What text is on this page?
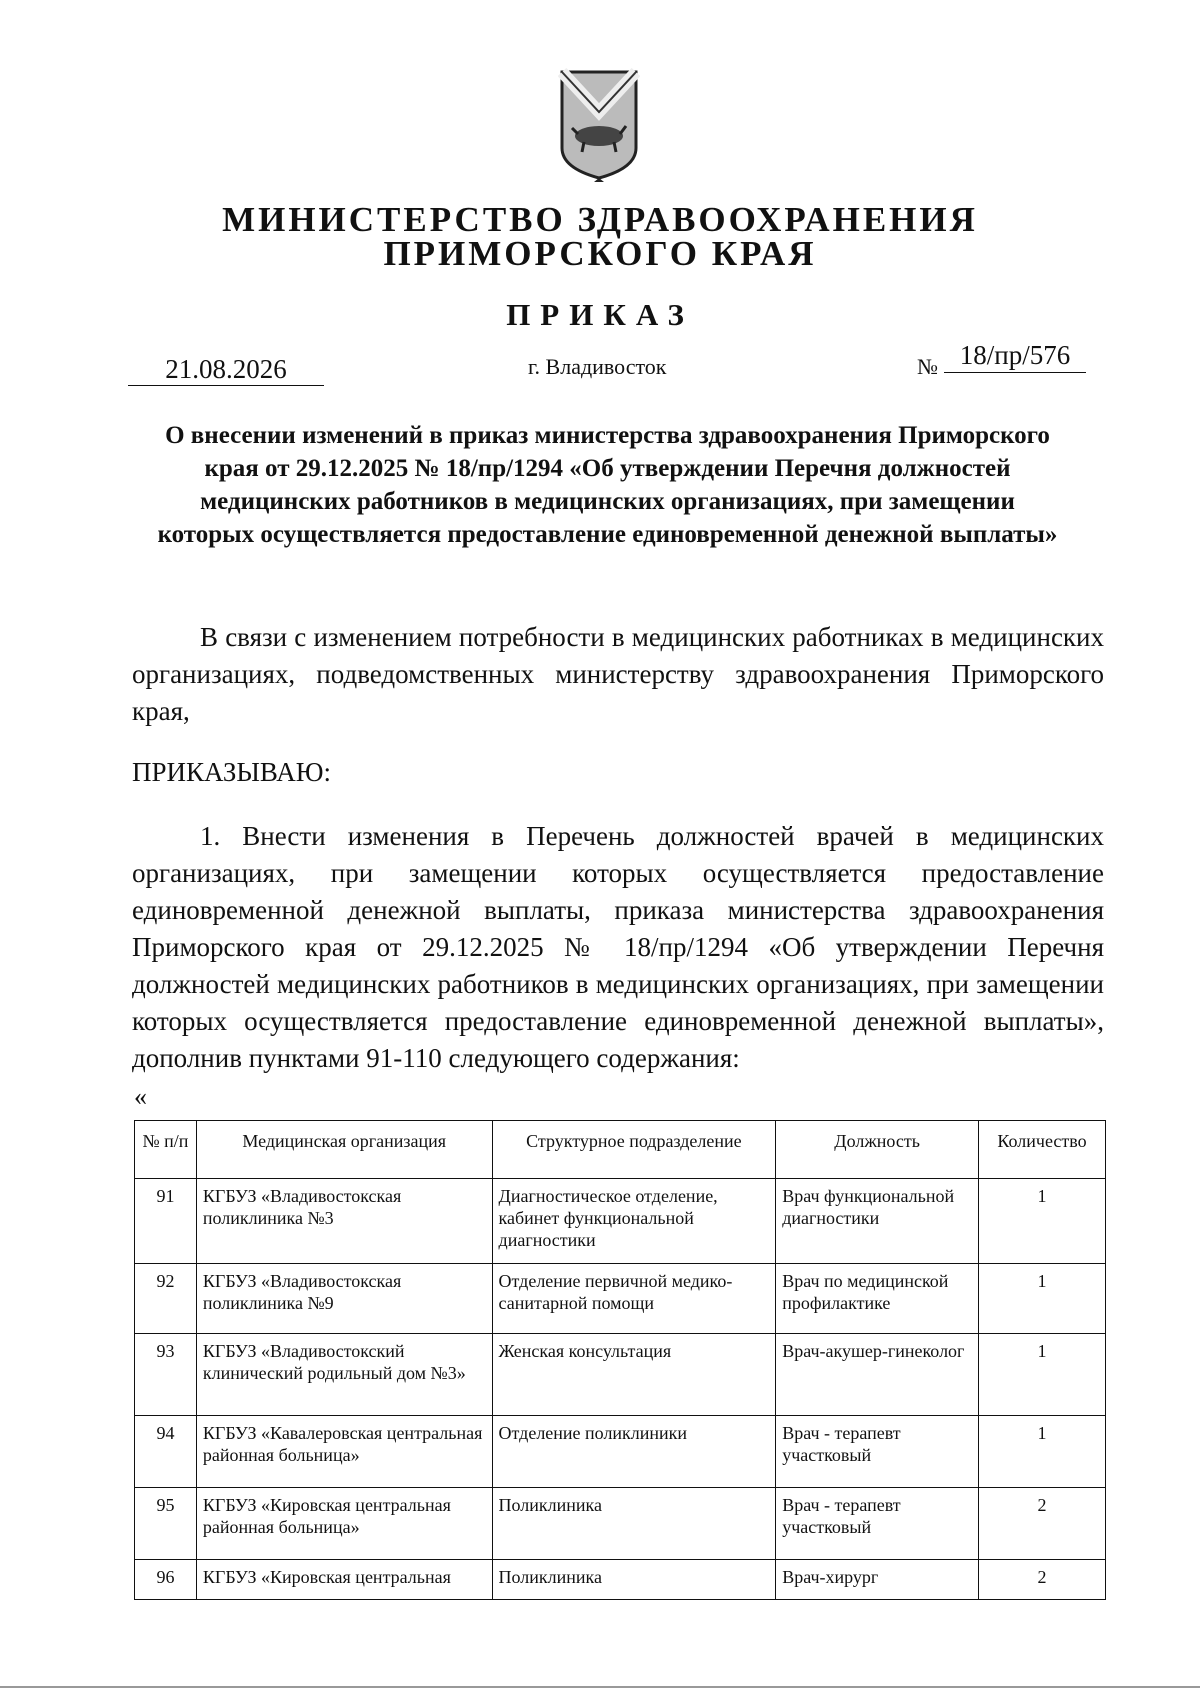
МИНИСТЕРСТВО ЗДРАВООХРАНЕНИЯ
ПРИМОРСКОГО КРАЯ
ПРИКАЗ
21.08.2026	г. Владивосток	№ 18/пр/576
О внесении изменений в приказ министерства здравоохранения Приморского края от 29.12.2025 № 18/пр/1294 «Об утверждении Перечня должностей медицинских работников в медицинских организациях, при замещении которых осуществляется предоставление единовременной денежной выплаты»
В связи с изменением потребности в медицинских работниках в медицинских организациях, подведомственных министерству здравоохранения Приморского края,
ПРИКАЗЫВАЮ:
1. Внести изменения в Перечень должностей врачей в медицинских организациях, при замещении которых осуществляется предоставление единовременной денежной выплаты, приказа министерства здравоохранения Приморского края от 29.12.2025 № 18/пр/1294 «Об утверждении Перечня должностей медицинских работников в медицинских организациях, при замещении которых осуществляется предоставление единовременной денежной выплаты», дополнив пунктами 91-110 следующего содержания:
«
№ п/п	Медицинская организация	Структурное подразделение	Должность	Количество
91	КГБУЗ «Владивостокская поликлиника №3	Диагностическое отделение, кабинет функциональной диагностики	Врач функциональной диагностики	1
92	КГБУЗ «Владивостокская поликлиника №9	Отделение первичной медико-санитарной помощи	Врач по медицинской профилактике	1
93	КГБУЗ «Владивостокский клинический родильный дом №3»	Женская консультация	Врач-акушер-гинеколог	1
94	КГБУЗ «Кавалеровская центральная районная больница»	Отделение поликлиники	Врач - терапевт участковый	1
95	КГБУЗ «Кировская центральная районная больница»	Поликлиника	Врач - терапевт участковый	2
96	КГБУЗ «Кировская центральная	Поликлиника	Врач-хирург	2
